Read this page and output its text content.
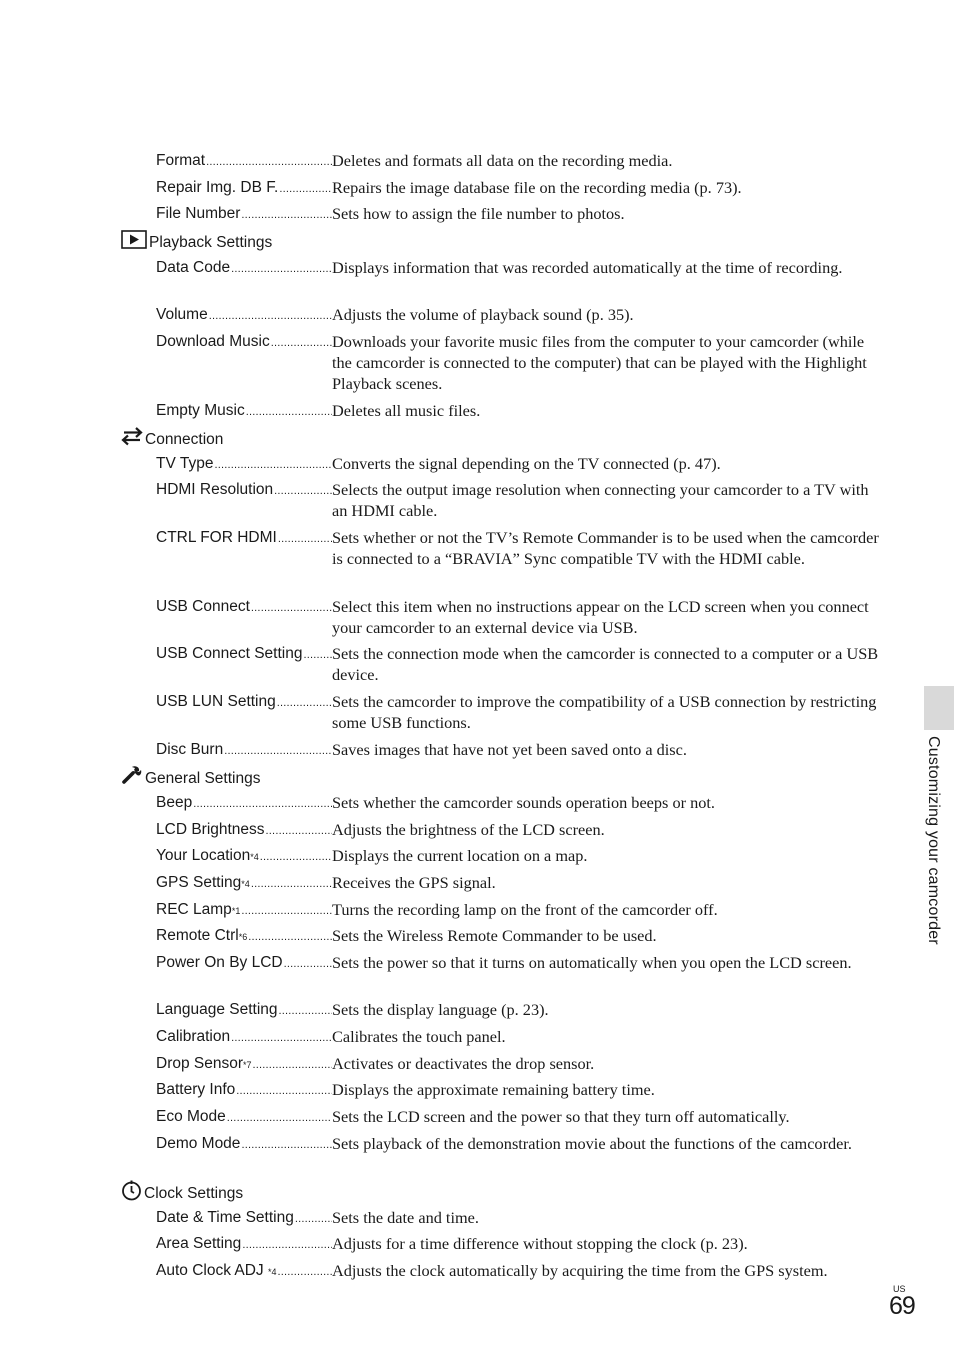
Format .....	Deletes and formats all data on the recording media.
Repair Img. DB F. .....	Repairs the image database file on the recording media (p. 73).
File Number .....	Sets how to assign the file number to photos.
Playback Settings
Data Code .....	Displays information that was recorded automatically at the time of recording.
Volume .....	Adjusts the volume of playback sound (p. 35).
Download Music .....	Downloads your favorite music files from the computer to your camcorder (while the camcorder is connected to the computer) that can be played with the Highlight Playback scenes.
Empty Music .....	Deletes all music files.
Connection
TV Type .....	Converts the signal depending on the TV connected (p. 47).
HDMI Resolution .....	Selects the output image resolution when connecting your camcorder to a TV with an HDMI cable.
CTRL FOR HDMI .....	Sets whether or not the TV’s Remote Commander is to be used when the camcorder is connected to a “BRAVIA” Sync compatible TV with the HDMI cable.
USB Connect .....	Select this item when no instructions appear on the LCD screen when you connect your camcorder to an external device via USB.
USB Connect Setting ..... Sets the connection mode when the camcorder is connected to a computer or a USB device.
USB LUN Setting .....	Sets the camcorder to improve the compatibility of a USB connection by restricting some USB functions.
Disc Burn .....	Saves images that have not yet been saved onto a disc.
General Settings
Beep .....	Sets whether the camcorder sounds operation beeps or not.
LCD Brightness .....	Adjusts the brightness of the LCD screen.
Your Location *4 .....	Displays the current location on a map.
GPS Setting *4 .....	Receives the GPS signal.
REC Lamp *1 .....	Turns the recording lamp on the front of the camcorder off.
Remote Ctrl *6 .....	Sets the Wireless Remote Commander to be used.
Power On By LCD .....	Sets the power so that it turns on automatically when you open the LCD screen.
Language Setting .....	Sets the display language (p. 23).
Calibration .....	Calibrates the touch panel.
Drop Sensor *7 .....	Activates or deactivates the drop sensor.
Battery Info .....	Displays the approximate remaining battery time.
Eco Mode .....	Sets the LCD screen and the power so that they turn off automatically.
Demo Mode .....	Sets playback of the demonstration movie about the functions of the camcorder.
Clock Settings
Date & Time Setting ..... Sets the date and time.
Area Setting .....	Adjusts for a time difference without stopping the clock (p. 23).
Auto Clock ADJ *4 .....	Adjusts the clock automatically by acquiring the time from the GPS system.
Customizing your camcorder
US
69
